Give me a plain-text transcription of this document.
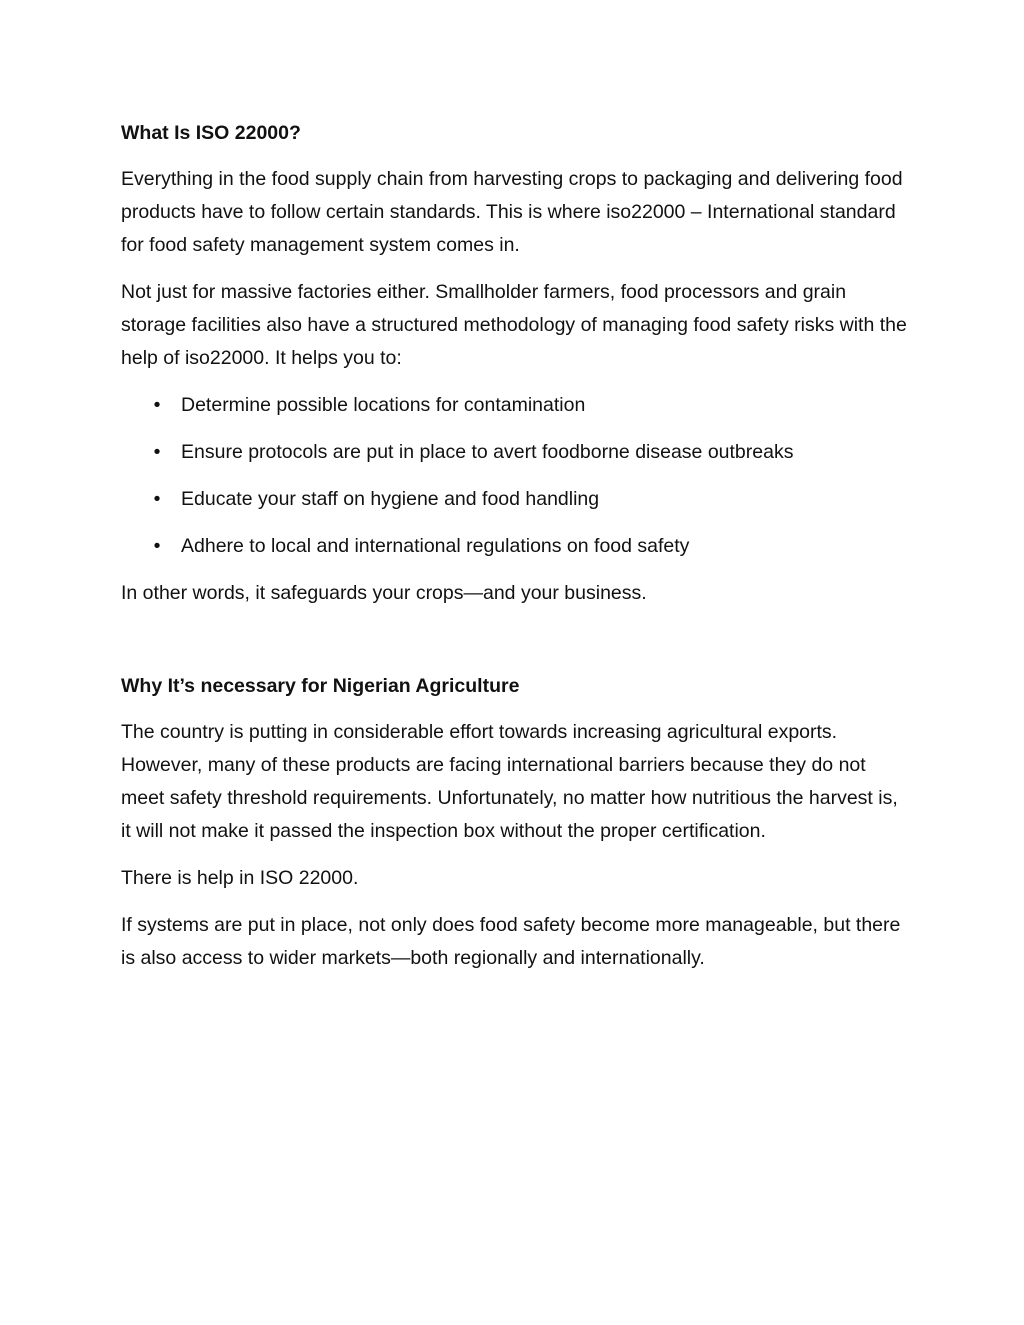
What Is ISO 22000?

Everything in the food supply chain from harvesting crops to packaging and delivering food products have to follow certain standards. This is where iso22000 – International standard for food safety management system comes in.

Not just for massive factories either. Smallholder farmers, food processors and grain storage facilities also have a structured methodology of managing food safety risks with the help of iso22000. It helps you to:

• Determine possible locations for contamination
• Ensure protocols are put in place to avert foodborne disease outbreaks
• Educate your staff on hygiene and food handling
• Adhere to local and international regulations on food safety

In other words, it safeguards your crops—and your business.

Why It’s necessary for Nigerian Agriculture

The country is putting in considerable effort towards increasing agricultural exports. However, many of these products are facing international barriers because they do not meet safety threshold requirements. Unfortunately, no matter how nutritious the harvest is, it will not make it passed the inspection box without the proper certification.

There is help in ISO 22000.

If systems are put in place, not only does food safety become more manageable, but there is also access to wider markets—both regionally and internationally.
